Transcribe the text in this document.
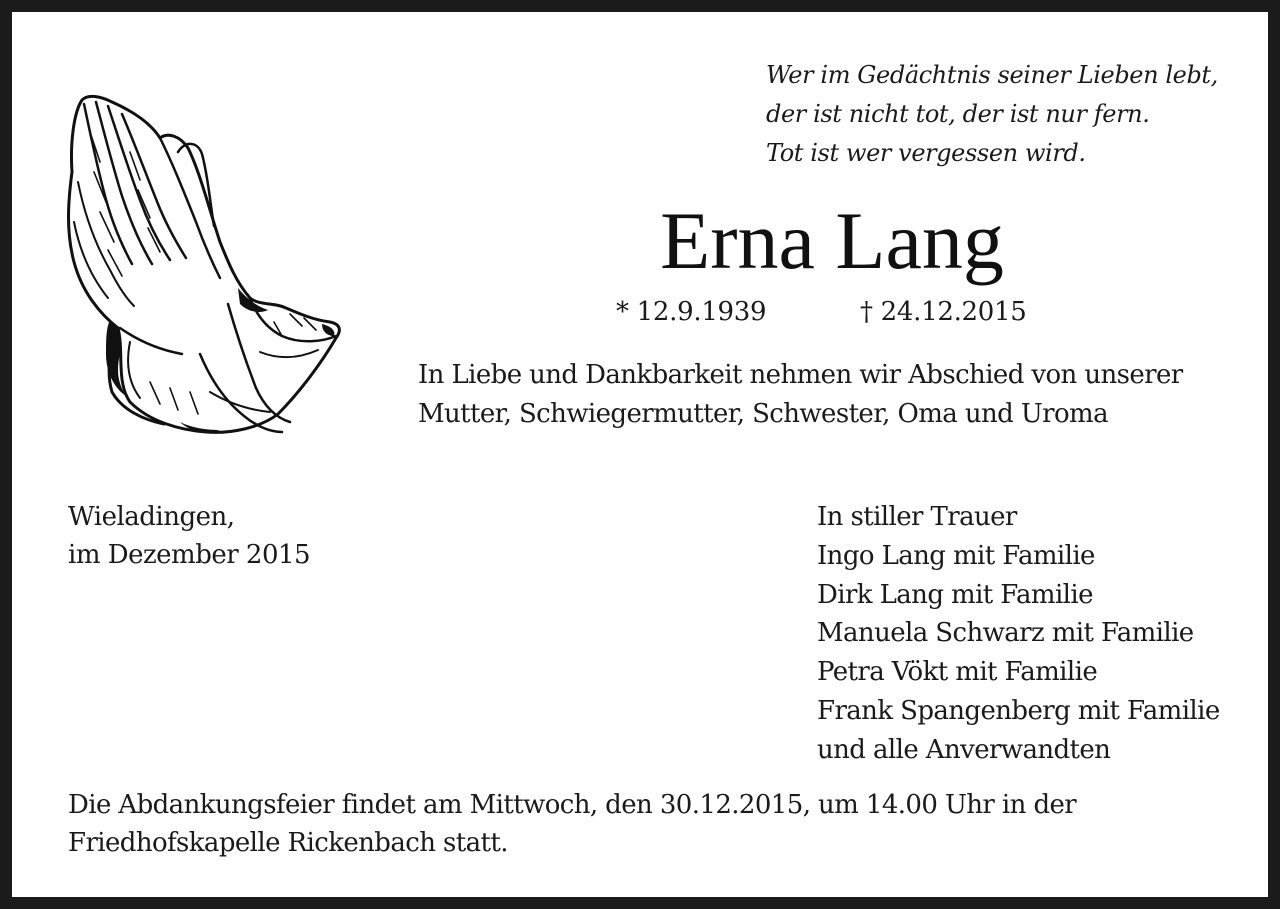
Wer im Gedächtnis seiner Lieben lebt,
der ist nicht tot, der ist nur fern.
Tot ist wer vergessen wird.
Erna Lang
* 12.9.1939	† 24.12.2015
In Liebe und Dankbarkeit nehmen wir Abschied von unserer
Mutter, Schwiegermutter, Schwester, Oma und Uroma
Wieladingen,
im Dezember 2015
In stiller Trauer
Ingo Lang mit Familie
Dirk Lang mit Familie
Manuela Schwarz mit Familie
Petra Vökt mit Familie
Frank Spangenberg mit Familie
und alle Anverwandten
Die Abdankungsfeier findet am Mittwoch, den 30.12.2015, um 14.00 Uhr in der
Friedhofskapelle Rickenbach statt.
